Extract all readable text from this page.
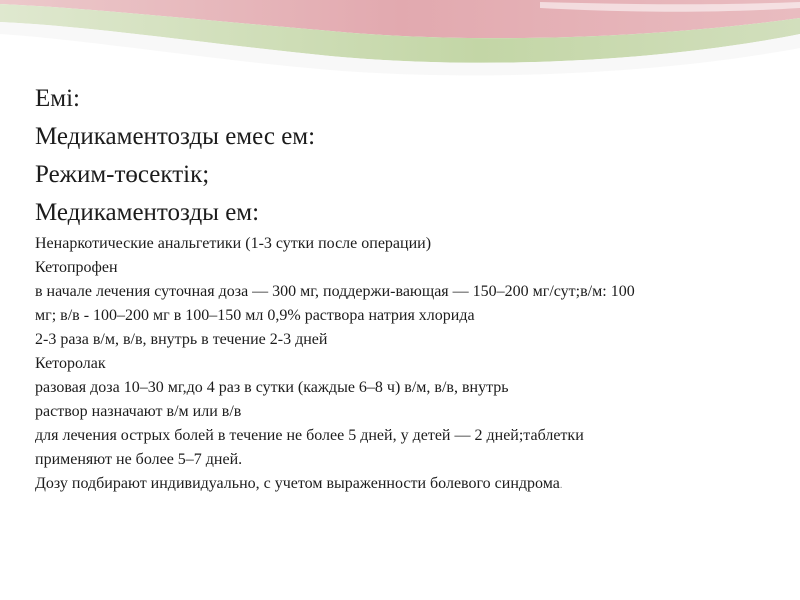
Емі:

Медикаментозды емес ем:

Режим-төсектік;

Медикаментозды ем:

Ненаркотические анальгетики (1-3 сутки после операции)

Кетопрофен

в начале лечения суточная доза — 300 мг, поддержи-вающая — 150–200 мг/сут;в/м: 100

мг; в/в - 100–200 мг в 100–150 мл 0,9% раствора натрия хлорида

2-3 раза в/м, в/в, внутрь в течение 2-3 дней

Кеторолак

разовая доза 10–30 мг,до 4 раз в сутки (каждые 6–8 ч) в/м, в/в, внутрь

раствор назначают в/м или в/в

для лечения острых болей в течение не более 5 дней, у детей — 2 дней;таблетки

применяют не более 5–7 дней.

Дозу подбирают индивидуально, с учетом выраженности болевого синдрома.
